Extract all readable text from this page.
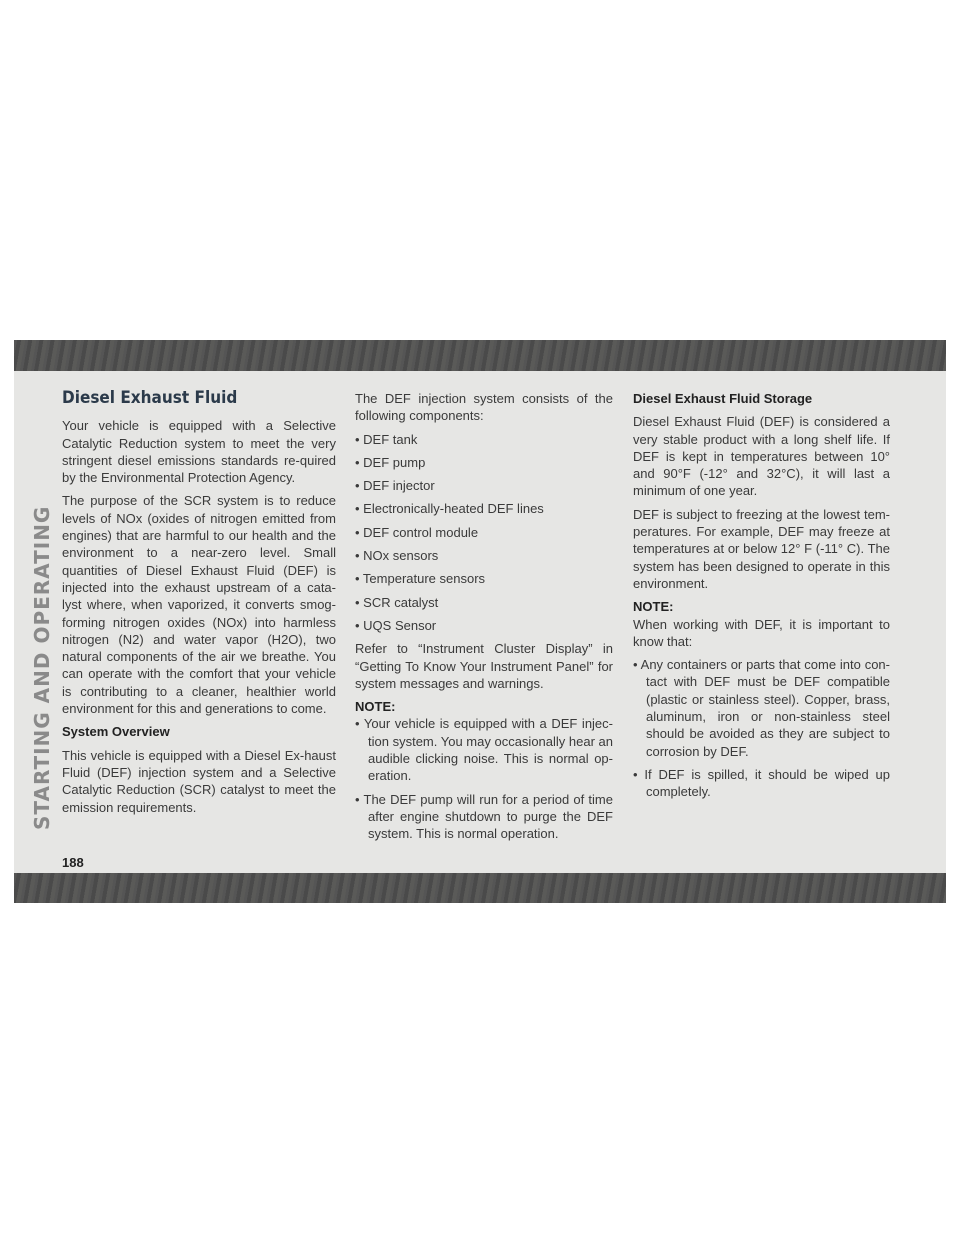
STARTING AND OPERATING
Diesel Exhaust Fluid

Your vehicle is equipped with a Selective Catalytic Reduction system to meet the very stringent diesel emissions standards re-quired by the Environmental Protection Agency.

The purpose of the SCR system is to reduce levels of NOx (oxides of nitrogen emitted from engines) that are harmful to our health and the environment to a near-zero level. Small quantities of Diesel Exhaust Fluid (DEF) is injected into the exhaust upstream of a cata-lyst where, when vaporized, it converts smog-forming nitrogen oxides (NOx) into harmless nitrogen (N2) and water vapor (H2O), two natural components of the air we breathe. You can operate with the comfort that your vehicle is contributing to a cleaner, healthier world environment for this and generations to come.

System Overview

This vehicle is equipped with a Diesel Ex-haust Fluid (DEF) injection system and a Selective Catalytic Reduction (SCR) catalyst to meet the emission requirements.

The DEF injection system consists of the following components:

• DEF tank
• DEF pump
• DEF injector
• Electronically-heated DEF lines
• DEF control module
• NOx sensors
• Temperature sensors
• SCR catalyst
• UQS Sensor

Refer to “Instrument Cluster Display” in “Getting To Know Your Instrument Panel” for system messages and warnings.

NOTE:

• Your vehicle is equipped with a DEF injec-tion system. You may occasionally hear an audible clicking noise. This is normal op-eration.
• The DEF pump will run for a period of time after engine shutdown to purge the DEF system. This is normal operation.
Diesel Exhaust Fluid Storage

Diesel Exhaust Fluid (DEF) is considered a very stable product with a long shelf life. If DEF is kept in temperatures between 10° and 90°F (-12° and 32°C), it will last a minimum of one year.

DEF is subject to freezing at the lowest tem-peratures. For example, DEF may freeze at temperatures at or below 12° F (-11° C). The system has been designed to operate in this environment.

NOTE:

When working with DEF, it is important to know that:

• Any containers or parts that come into con-tact with DEF must be DEF compatible (plastic or stainless steel). Copper, brass, aluminum, iron or non-stainless steel should be avoided as they are subject to corrosion by DEF.
• If DEF is spilled, it should be wiped up completely.
188
